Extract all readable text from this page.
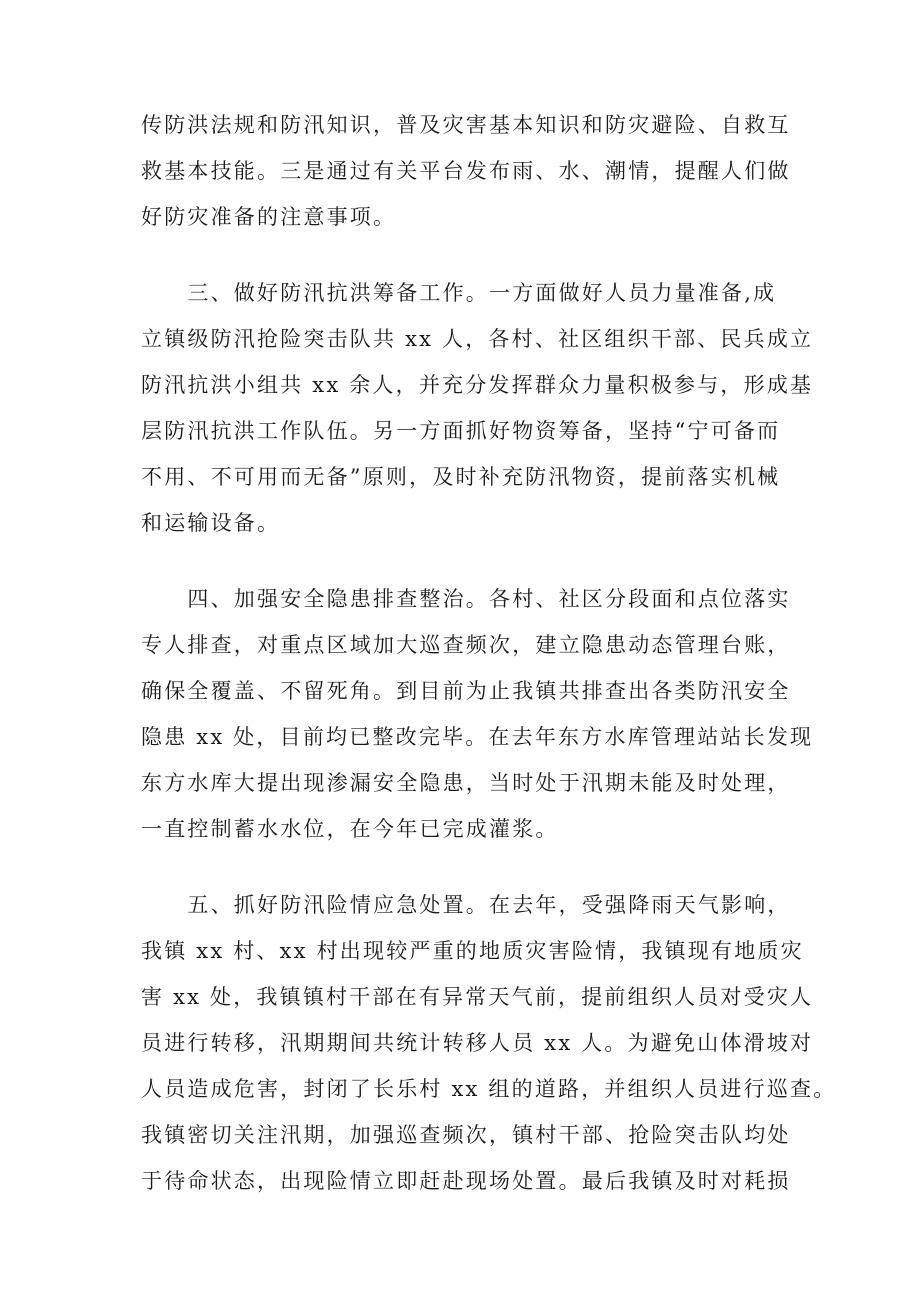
传防洪法规和防汛知识，普及灾害基本知识和防灾避险、自救互
救基本技能。三是通过有关平台发布雨、水、潮情，提醒人们做
好防灾准备的注意事项。
　　三、做好防汛抗洪筹备工作。一方面做好人员力量准备,成
立镇级防汛抢险突击队共 xx 人，各村、社区组织干部、民兵成立
防汛抗洪小组共 xx 余人，并充分发挥群众力量积极参与，形成基
层防汛抗洪工作队伍。另一方面抓好物资筹备，坚持“宁可备而
不用、不可用而无备”原则，及时补充防汛物资，提前落实机械
和运输设备。
　　四、加强安全隐患排查整治。各村、社区分段面和点位落实
专人排查，对重点区域加大巡查频次，建立隐患动态管理台账，
确保全覆盖、不留死角。到目前为止我镇共排查出各类防汛安全
隐患 xx 处，目前均已整改完毕。在去年东方水库管理站站长发现
东方水库大提出现渗漏安全隐患，当时处于汛期未能及时处理，
一直控制蓄水水位，在今年已完成灌浆。
　　五、抓好防汛险情应急处置。在去年，受强降雨天气影响，
我镇 xx 村、xx 村出现较严重的地质灾害险情，我镇现有地质灾
害 xx 处，我镇镇村干部在有异常天气前，提前组织人员对受灾人
员进行转移，汛期期间共统计转移人员 xx 人。为避免山体滑坡对
人员造成危害，封闭了长乐村 xx 组的道路，并组织人员进行巡查。
我镇密切关注汛期，加强巡查频次，镇村干部、抢险突击队均处
于待命状态，出现险情立即赶赴现场处置。最后我镇及时对耗损
